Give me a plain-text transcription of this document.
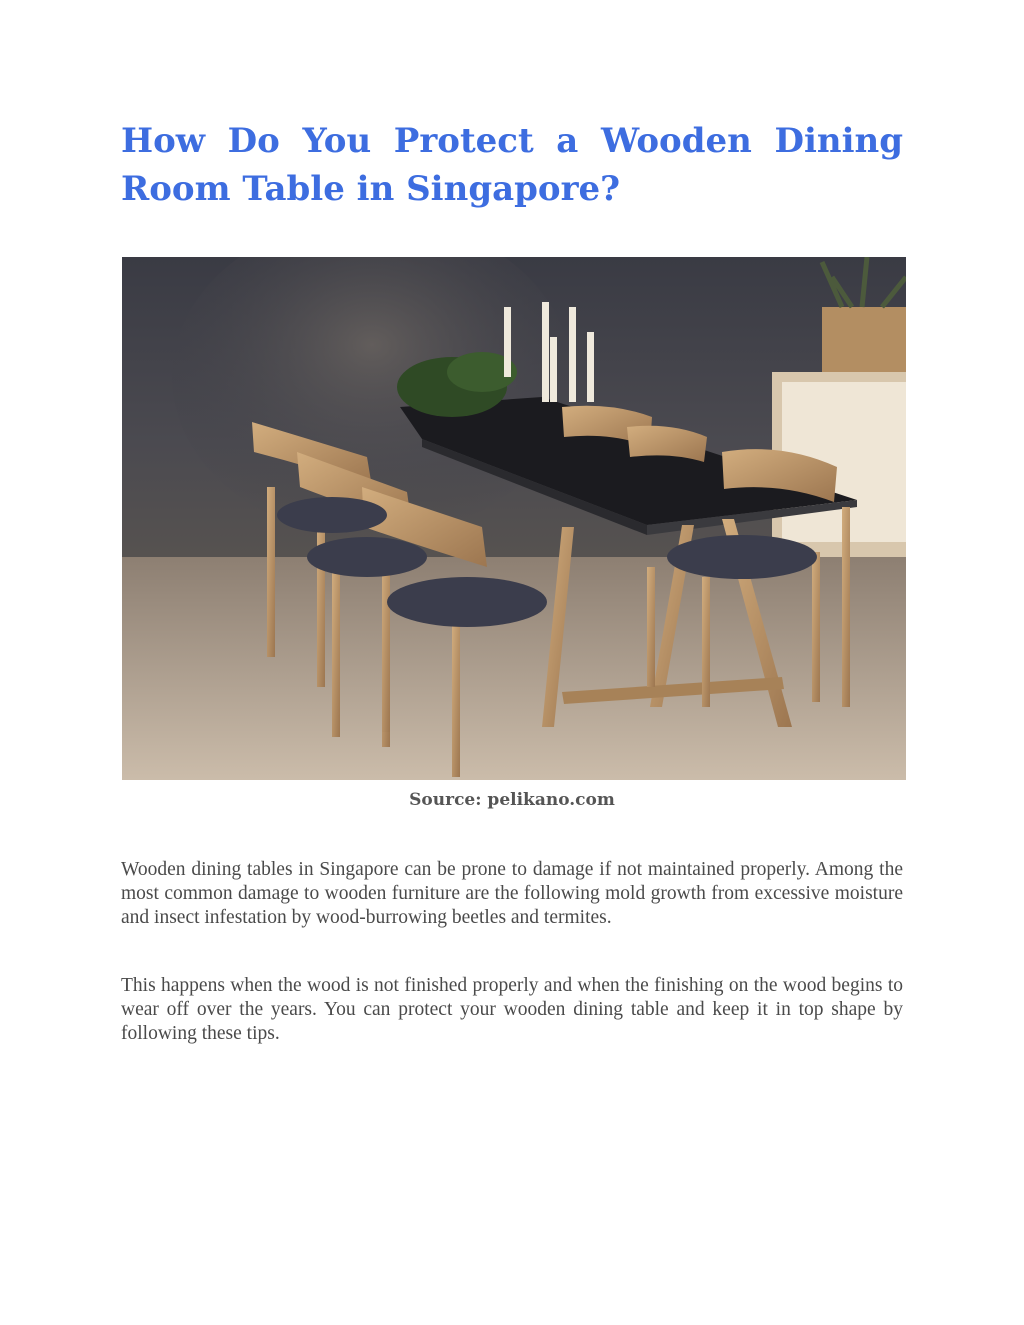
How Do You Protect a Wooden Dining Room Table in Singapore?

Source: pelikano.com

Wooden dining tables in Singapore can be prone to damage if not maintained properly. Among the most common damage to wooden furniture are the following mold growth from excessive moisture and insect infestation by wood-burrowing beetles and termites.

This happens when the wood is not finished properly and when the finishing on the wood begins to wear off over the years. You can protect your wooden dining table and keep it in top shape by following these tips.
